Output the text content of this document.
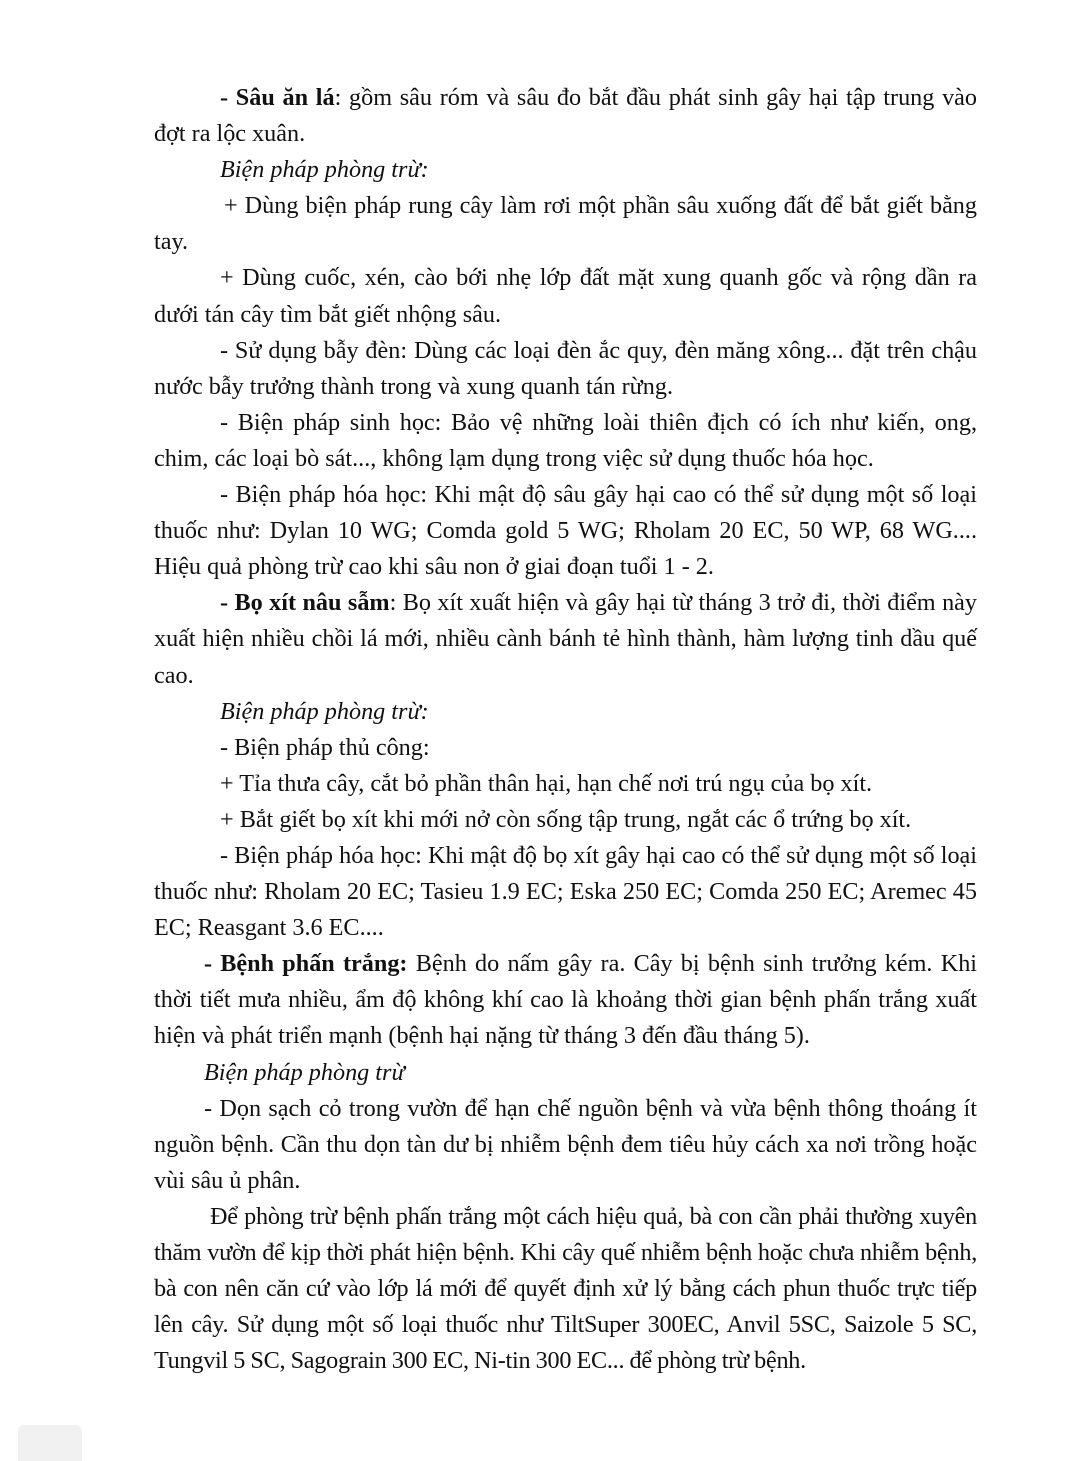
- Sâu ăn lá: gồm sâu róm và sâu đo bắt đầu phát sinh gây hại tập trung vào đợt ra lộc xuân.

Biện pháp phòng trừ:

+ Dùng biện pháp rung cây làm rơi một phần sâu xuống đất để bắt giết bằng tay.

+ Dùng cuốc, xén, cào bới nhẹ lớp đất mặt xung quanh gốc và rộng dần ra dưới tán cây tìm bắt giết nhộng sâu.

- Sử dụng bẫy đèn: Dùng các loại đèn ắc quy, đèn măng xông... đặt trên chậu nước bẫy trưởng thành trong và xung quanh tán rừng.

- Biện pháp sinh học: Bảo vệ những loài thiên địch có ích như kiến, ong, chim, các loại bò sát..., không lạm dụng trong việc sử dụng thuốc hóa học.

- Biện pháp hóa học: Khi mật độ sâu gây hại cao có thể sử dụng một số loại thuốc như: Dylan 10 WG; Comda gold 5 WG; Rholam 20 EC, 50 WP, 68 WG.... Hiệu quả phòng trừ cao khi sâu non ở giai đoạn tuổi 1 - 2.

- Bọ xít nâu sẫm: Bọ xít xuất hiện và gây hại từ tháng 3 trở đi, thời điểm này xuất hiện nhiều chồi lá mới, nhiều cành bánh tẻ hình thành, hàm lượng tinh dầu quế cao.

Biện pháp phòng trừ:

- Biện pháp thủ công:

+ Tỉa thưa cây, cắt bỏ phần thân hại, hạn chế nơi trú ngụ của bọ xít.

+ Bắt giết bọ xít khi mới nở còn sống tập trung, ngắt các ổ trứng bọ xít.

- Biện pháp hóa học: Khi mật độ bọ xít gây hại cao có thể sử dụng một số loại thuốc như: Rholam 20 EC; Tasieu 1.9 EC; Eska 250 EC; Comda 250 EC; Aremec 45 EC; Reasgant 3.6 EC....

- Bệnh phấn trắng: Bệnh do nấm gây ra. Cây bị bệnh sinh trưởng kém. Khi thời tiết mưa nhiều, ẩm độ không khí cao là khoảng thời gian bệnh phấn trắng xuất hiện và phát triển mạnh (bệnh hại nặng từ tháng 3 đến đầu tháng 5).

Biện pháp phòng trừ

- Dọn sạch cỏ trong vườn để hạn chế nguồn bệnh và vừa bệnh thông thoáng ít nguồn bệnh. Cần thu dọn tàn dư bị nhiễm bệnh đem tiêu hủy cách xa nơi trồng hoặc vùi sâu ủ phân.

Để phòng trừ bệnh phấn trắng một cách hiệu quả, bà con cần phải thường xuyên thăm vườn để kịp thời phát hiện bệnh. Khi cây quế nhiễm bệnh hoặc chưa nhiễm bệnh, bà con nên căn cứ vào lớp lá mới để quyết định xử lý bằng cách phun thuốc trực tiếp lên cây. Sử dụng một số loại thuốc như TiltSuper 300EC, Anvil 5SC, Saizole 5 SC, Tungvil 5 SC, Sagograin 300 EC, Ni-tin 300 EC... để phòng trừ bệnh.
